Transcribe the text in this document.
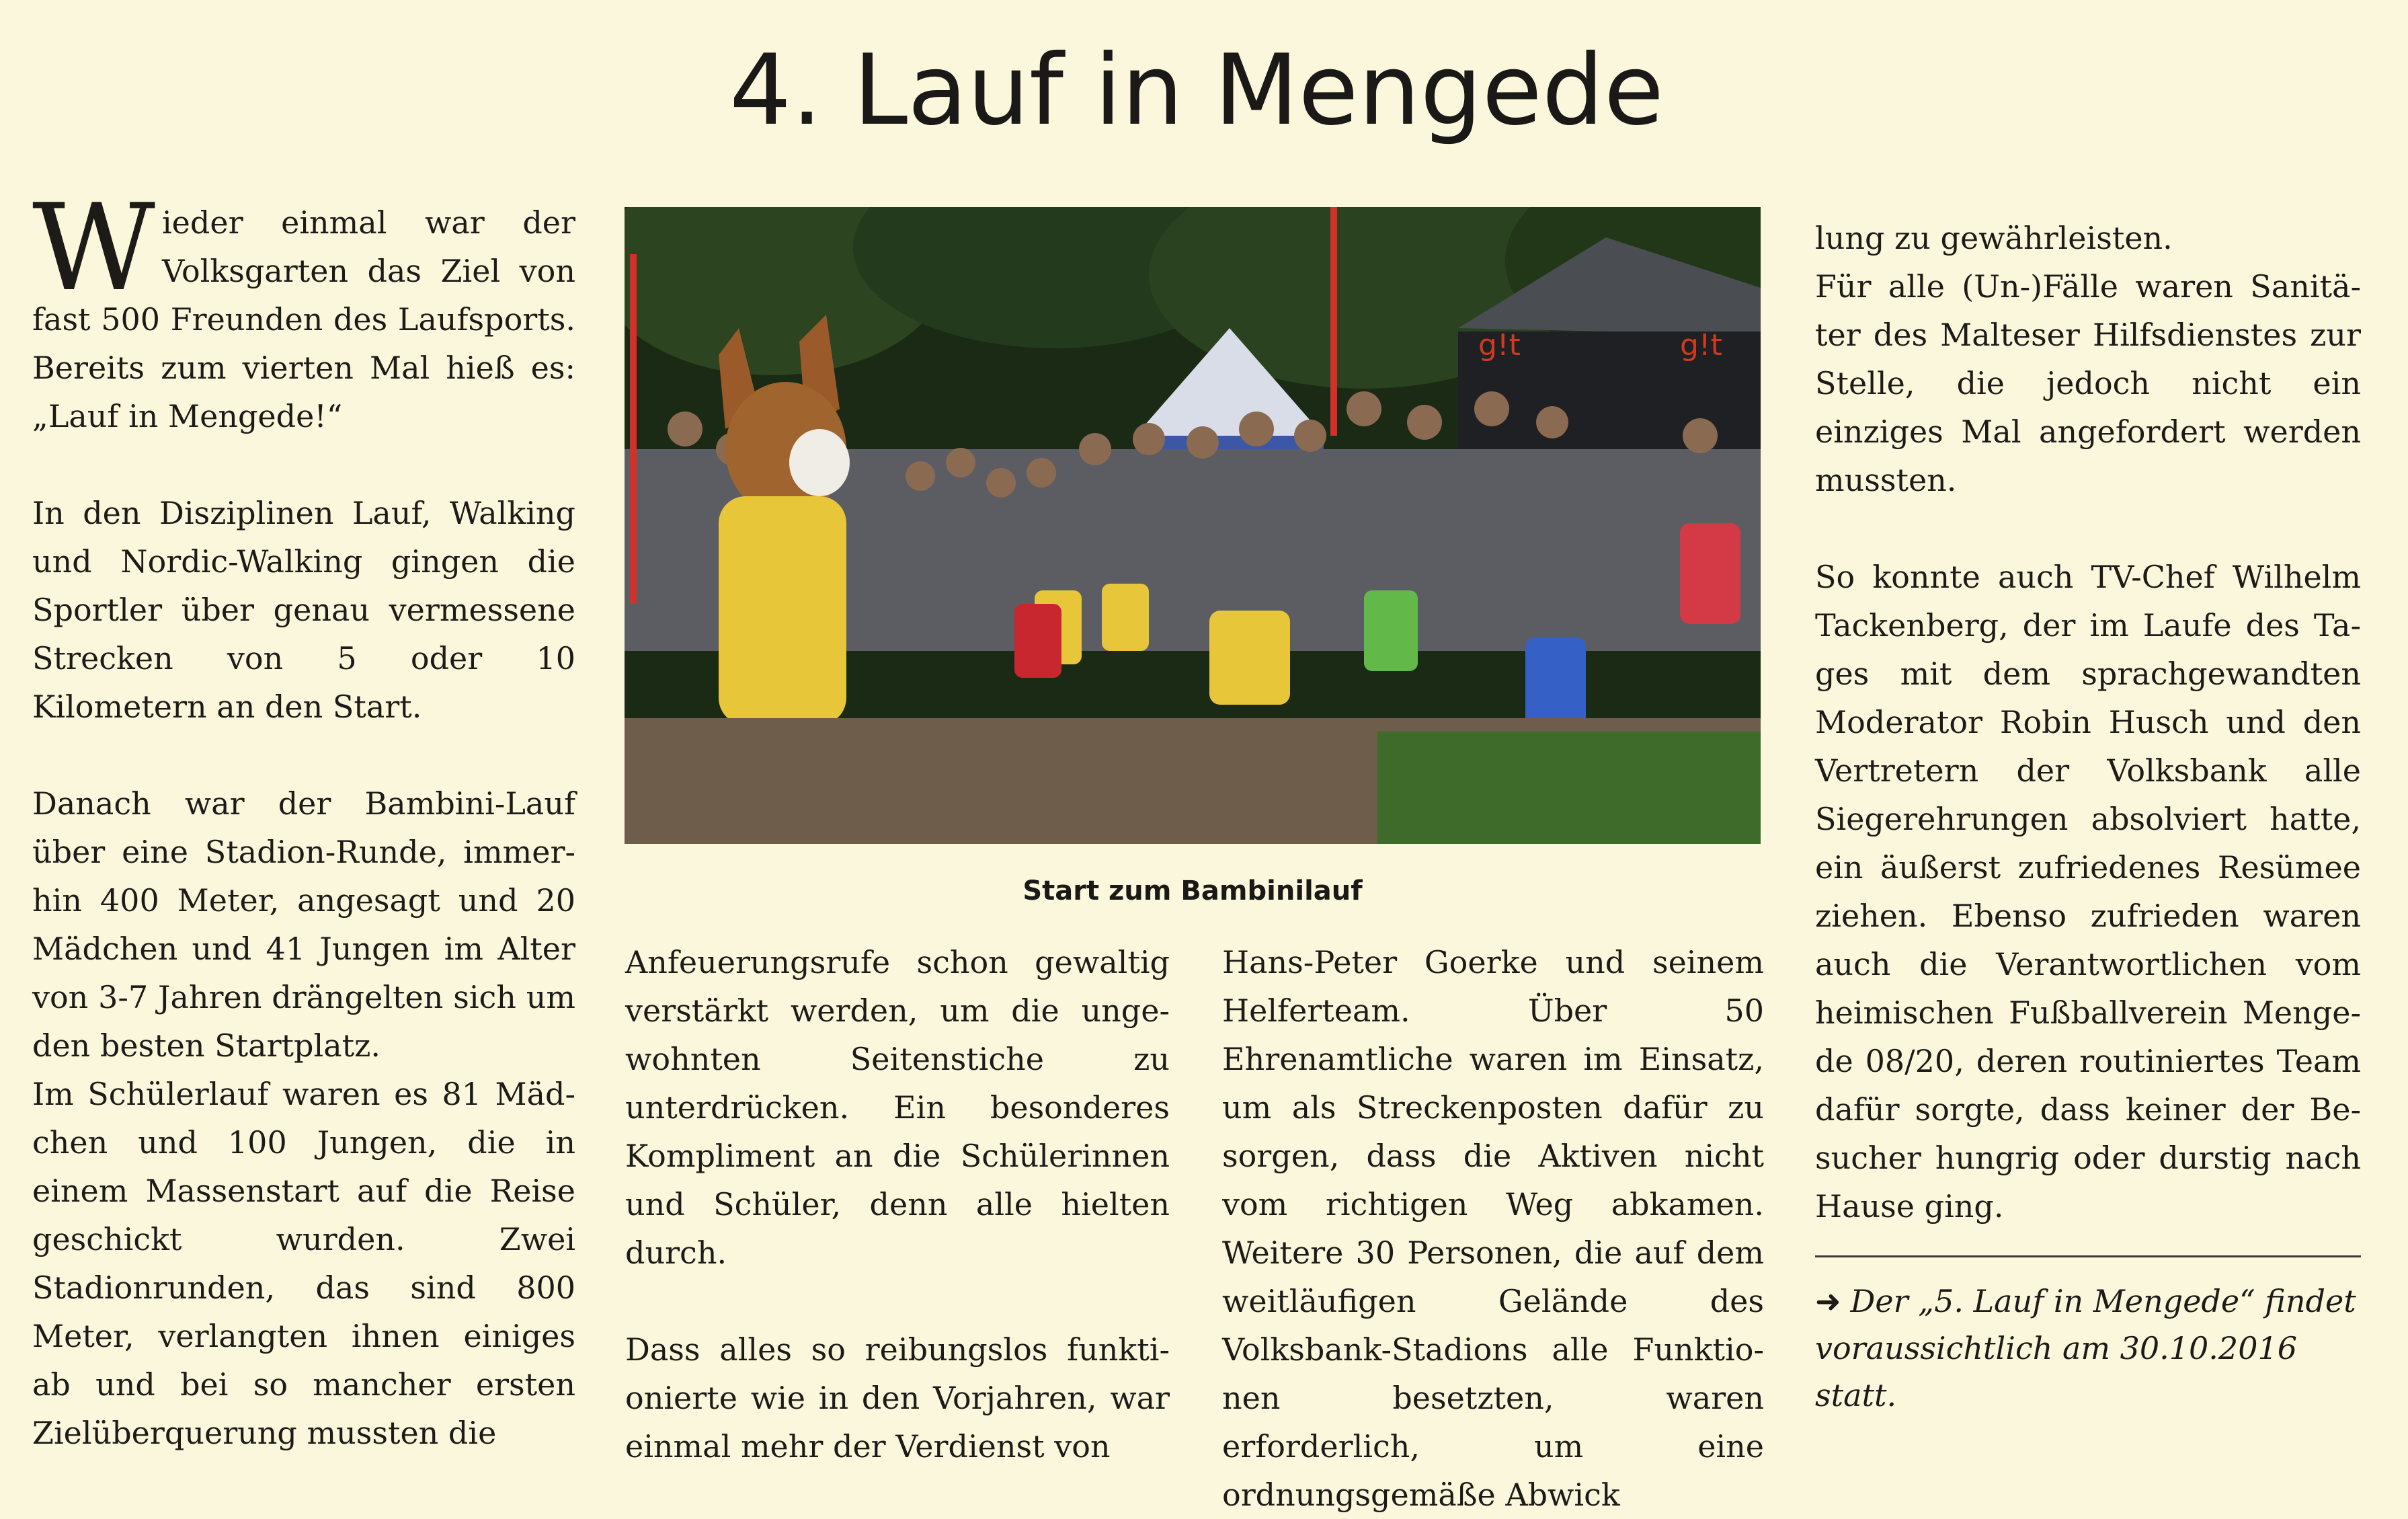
4. Lauf in Mengede

Wieder einmal war der Volksgarten das Ziel von fast 500 Freunden des Laufsports. Bereits zum vierten Mal hieß es: „Lauf in Mengede!“

In den Disziplinen Lauf, Walking und Nordic-Walking gingen die Sportler über genau vermessene Strecken von 5 oder 10 Kilometern an den Start.

Danach war der Bambini-Lauf über eine Stadion-Runde, immerhin 400 Meter, angesagt und 20 Mädchen und 41 Jungen im Alter von 3-7 Jahren drängelten sich um den besten Startplatz.

Im Schülerlauf waren es 81 Mädchen und 100 Jungen, die in einem Massenstart auf die Reise geschickt wurden. Zwei Stadionrunden, das sind 800 Meter, verlangten ihnen einiges ab und bei so mancher ersten Zielüberquerung mussten die

g!t	g!t
Start zum Bambinilauf

Anfeuerungsrufe schon gewaltig verstärkt werden, um die ungewohnten Seitenstiche zu unterdrücken. Ein besonderes Kompliment an die Schülerinnen und Schüler, denn alle hielten durch.

Dass alles so reibungslos funktionierte wie in den Vorjahren, war einmal mehr der Verdienst von

Hans-Peter Goerke und seinem Helferteam. Über 50 Ehrenamtliche waren im Einsatz, um als Streckenposten dafür zu sorgen, dass die Aktiven nicht vom richtigen Weg abkamen. Weitere 30 Personen, die auf dem weitläufigen Gelände des Volksbank-Stadions alle Funktionen besetzten, waren erforderlich, um eine ordnungsgemäße Abwick

lung zu gewährleisten.

Für alle (Un-)Fälle waren Sanitäter des Malteser Hilfsdienstes zur Stelle, die jedoch nicht ein einziges Mal angefordert werden mussten.

So konnte auch TV-Chef Wilhelm Tackenberg, der im Laufe des Tages mit dem sprachgewandten Moderator Robin Husch und den Vertretern der Volksbank alle Siegerehrungen absolviert hatte, ein äußerst zufriedenes Resümee ziehen. Ebenso zufrieden waren auch die Verantwortlichen vom heimischen Fußballverein Mengede 08/20, deren routiniertes Team dafür sorgte, dass keiner der Besucher hungrig oder durstig nach Hause ging.

➜ Der „5. Lauf in Mengede“ findet voraussichtlich am 30.10.2016 statt.
